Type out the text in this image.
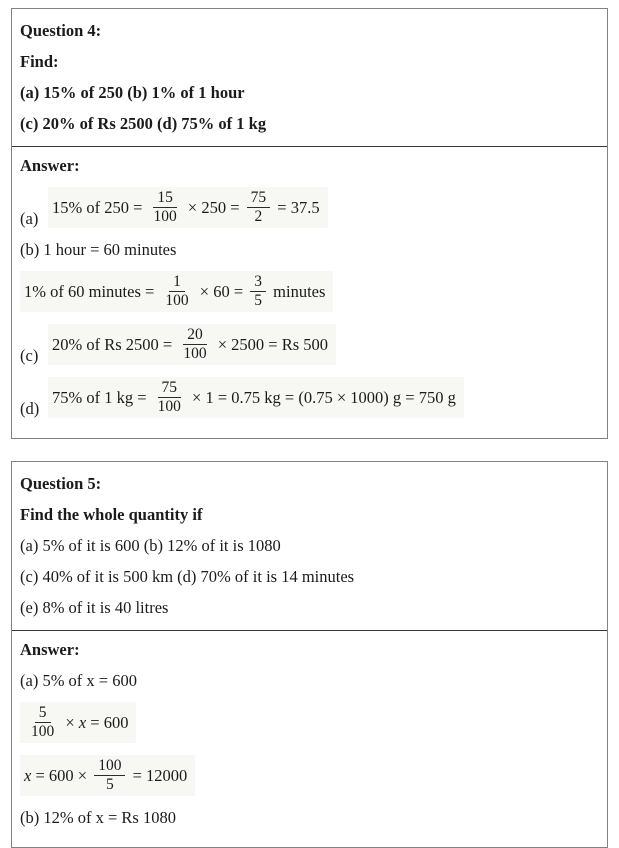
Question 4:

Find:

(a) 15% of 250 (b) 1% of 1 hour

(c) 20% of Rs 2500 (d) 75% of 1 kg

Answer:

(a)
15% of $250 = \frac{15}{100} \times 250 = \frac{75}{2} = 37.5$

(b) 1 hour = 60 minutes

1% of 60 minutes = $\frac{1}{100} \times 60 = \frac{3}{5}$ minutes
(c)
20% of Rs $2500 = \frac{20}{100} \times 2500 = Rs$ 500
(d)
75% of 1 kg = $\frac{75}{100} \times 1 = 0.75$ kg = (0.75 × 1000) g = 750 g

Question 5:

Find the whole quantity if

(a) 5% of it is 600 (b) 12% of it is 1080

(c) 40% of it is 500 km (d) 70% of it is 14 minutes

(e) 8% of it is 40 litres

Answer:

(a) 5% of x = 600

$\frac{5}{100} \times x = 600$
$x = 600 \times \frac{100}{5} = 12000$

(b) 12% of x = Rs 1080
